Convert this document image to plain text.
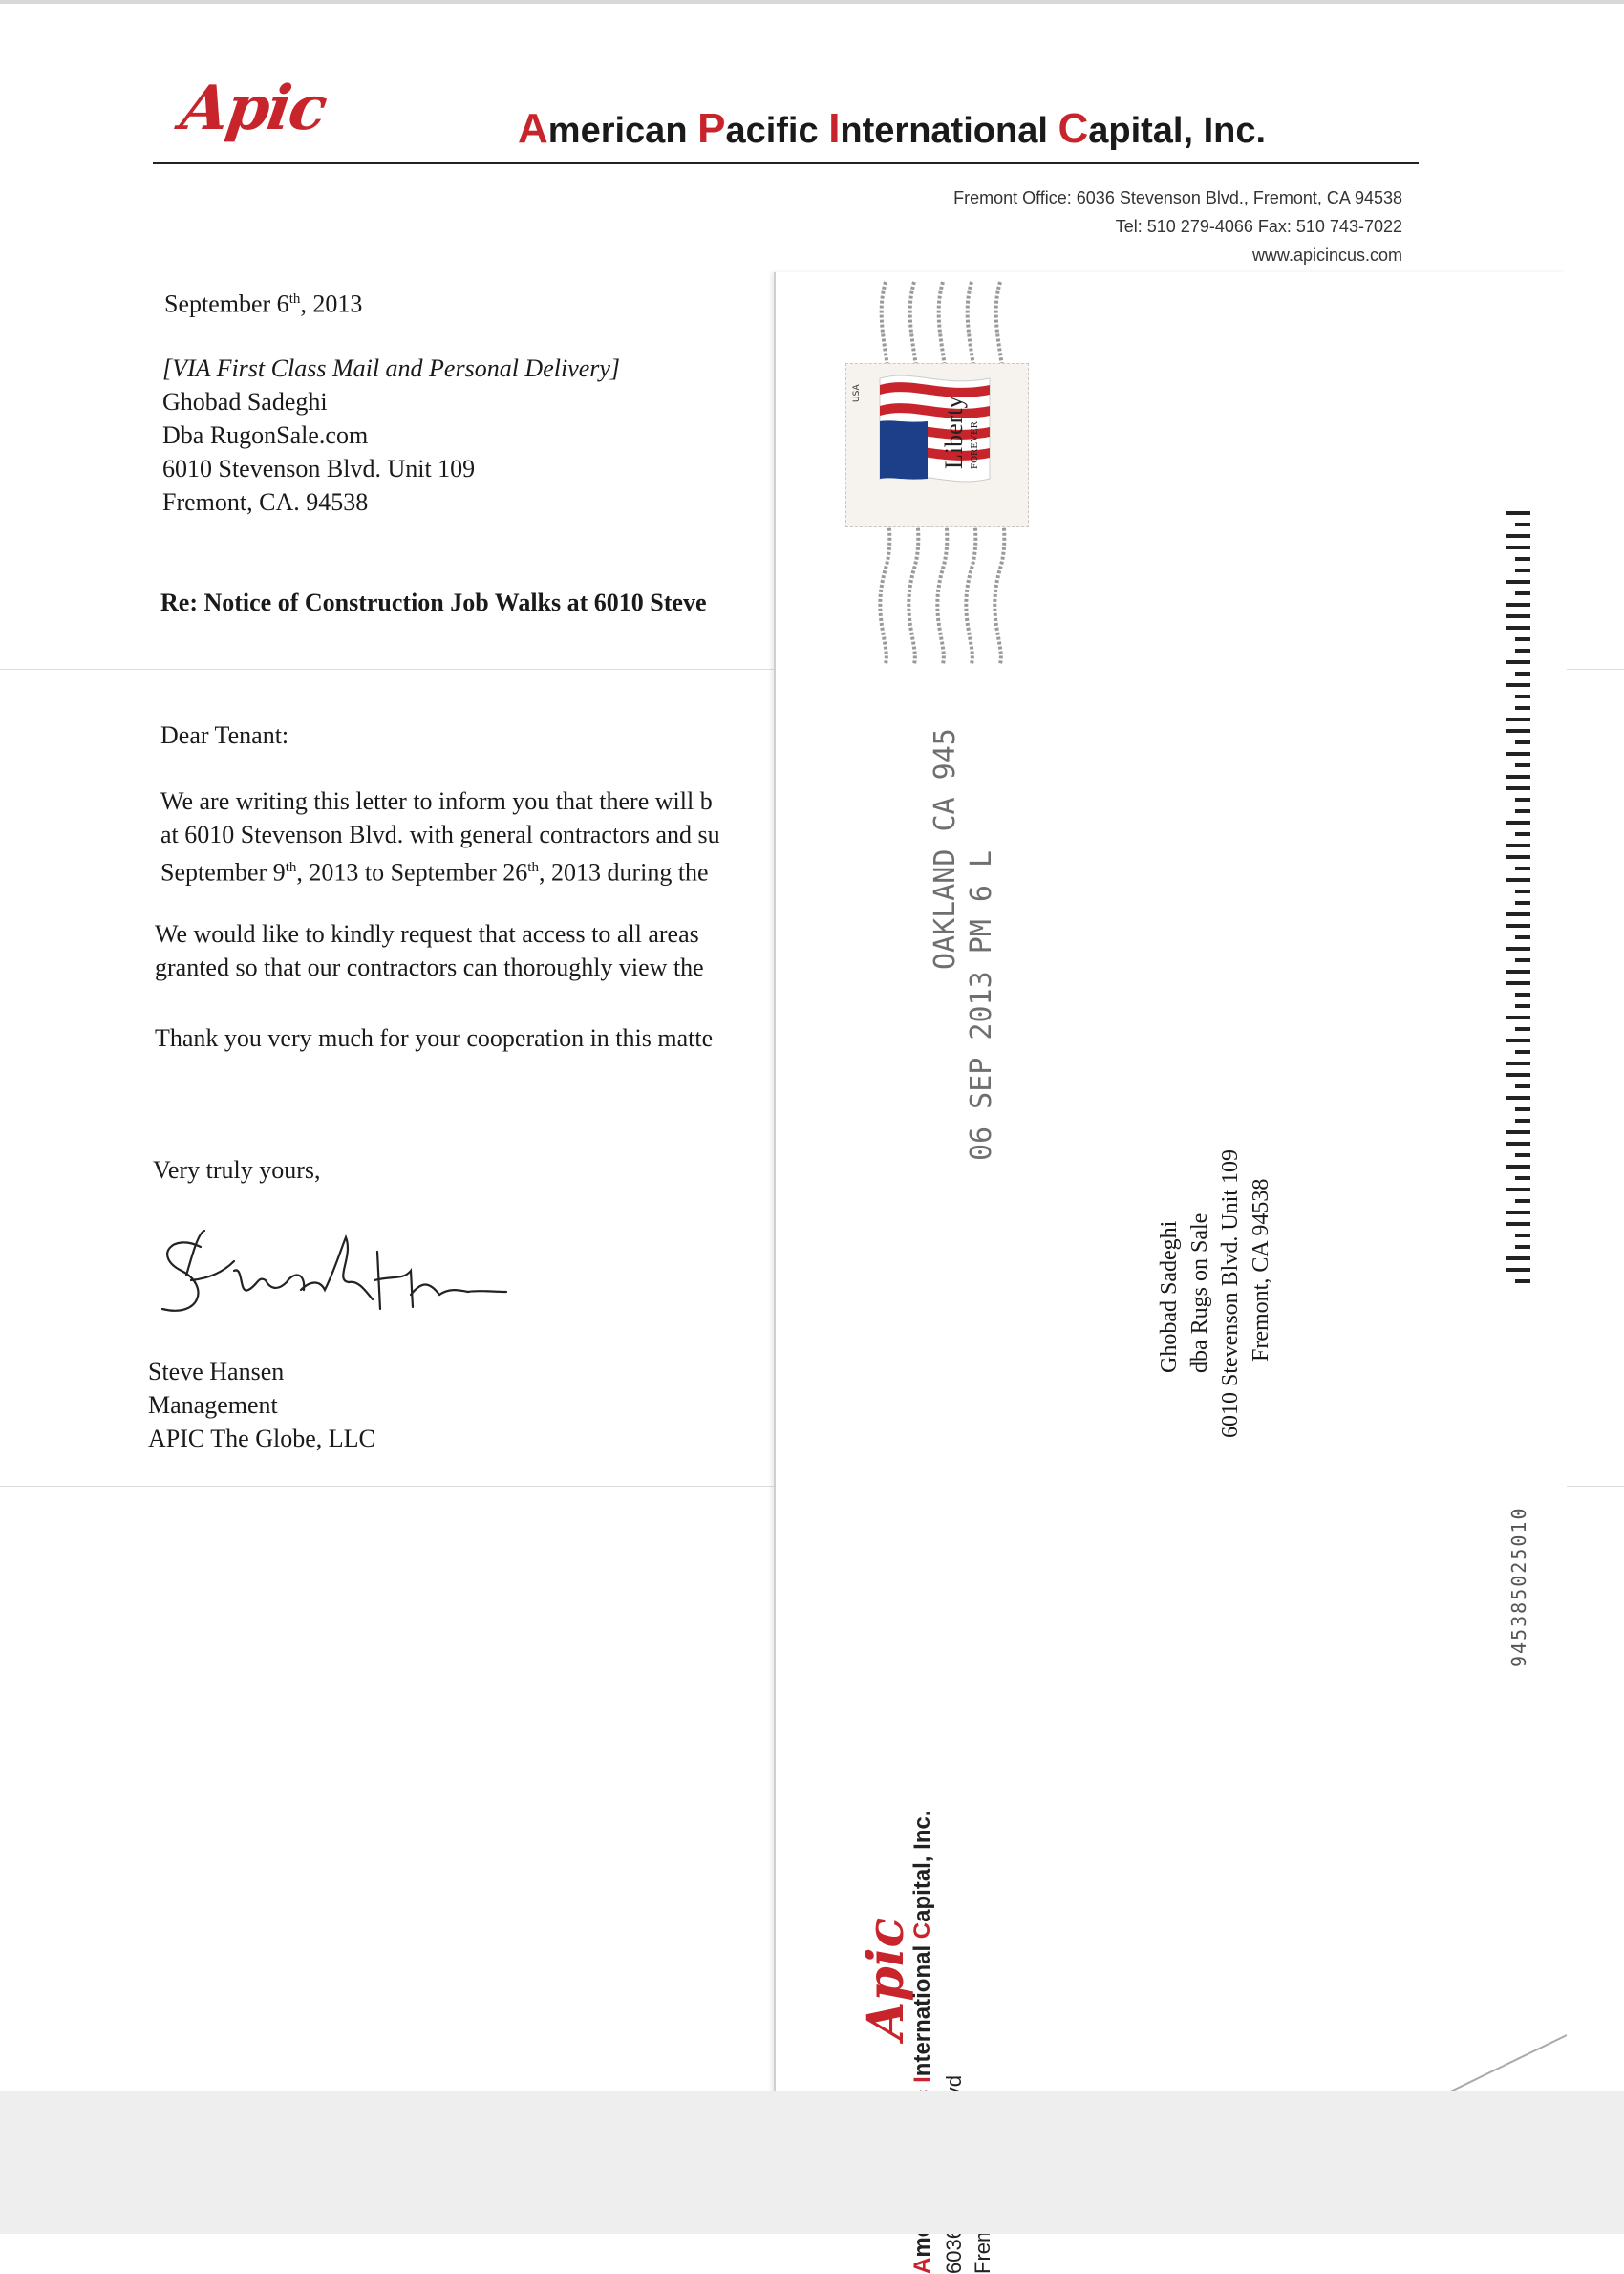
Apic	American Pacific International Capital, Inc.
Fremont Office: 6036 Stevenson Blvd., Fremont, CA 94538
Tel: 510 279-4066 Fax: 510 743-7022
www.apicincus.com
September 6th, 2013
[VIA First Class Mail and Personal Delivery]
Ghobad Sadeghi
Dba RugonSale.com
6010 Stevenson Blvd. Unit 109
Fremont, CA. 94538
Re: Notice of Construction Job Walks at 6010 Steve
Dear Tenant:
We are writing this letter to inform you that there will b
at 6010 Stevenson Blvd. with general contractors and su
September 9th, 2013 to September 26th, 2013 during the
We would like to kindly request that access to all areas
granted so that our contractors can thoroughly view the
Thank you very much for your cooperation in this matte
Very truly yours,
Steve Hansen
Management
APIC The Globe, LLC
USA
Liberty FOREVER
OAKLAND CA 945
06 SEP 2013 PM 6 L
Ghobad Sadeghi dba Rugs on Sale 6010 Stevenson Blvd. Unit 109 Fremont, CA 94538
945385025010
Apic
AInternational Capital, Inc.
